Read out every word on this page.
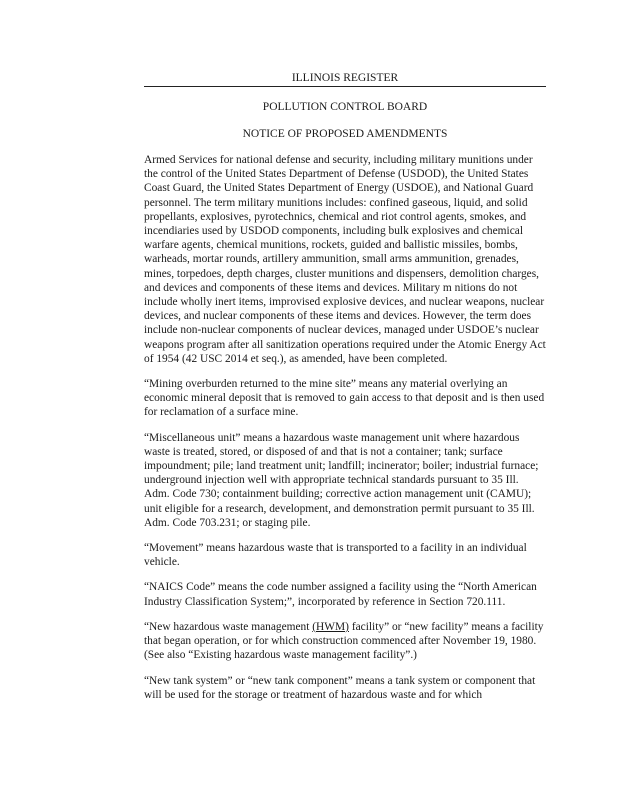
ILLINOIS REGISTER
POLLUTION CONTROL BOARD
NOTICE OF PROPOSED AMENDMENTS

Armed Services for national defense and security, including military munitions under the control of the United States Department of Defense (USDOD), the United States Coast Guard, the United States Department of Energy (USDOE), and National Guard personnel. The term military munitions includes: confined gaseous, liquid, and solid propellants, explosives, pyrotechnics, chemical and riot control agents, smokes, and incendiaries used by USDOD components, including bulk explosives and chemical warfare agents, chemical munitions, rockets, guided and ballistic missiles, bombs, warheads, mortar rounds, artillery ammunition, small arms ammunition, grenades, mines, torpedoes, depth charges, cluster munitions and dispensers, demolition charges, and devices and components of these items and devices. Military m nitions do not include wholly inert items, improvised explosive devices, and nuclear weapons, nuclear devices, and nuclear components of these items and devices. However, the term does include non-nuclear components of nuclear devices, managed under USDOE’s nuclear weapons program after all sanitization operations required under the Atomic Energy Act of 1954 (42 USC 2014 et seq.), as amended, have been completed.

“Mining overburden returned to the mine site” means any material overlying an economic mineral deposit that is removed to gain access to that deposit and is then used for reclamation of a surface mine.

“Miscellaneous unit” means a hazardous waste management unit where hazardous waste is treated, stored, or disposed of and that is not a container; tank; surface impoundment; pile; land treatment unit; landfill; incinerator; boiler; industrial furnace; underground injection well with appropriate technical standards pursuant to 35 Ill. Adm. Code 730; containment building; corrective action management unit (CAMU); unit eligible for a research, development, and demonstration permit pursuant to 35 Ill. Adm. Code 703.231; or staging pile.

“Movement” means hazardous waste that is transported to a facility in an individual vehicle.

“NAICS Code” means the code number assigned a facility using the “North American Industry Classification System;”, incorporated by reference in Section 720.111.

“New hazardous waste management (HWM) facility” or “new facility” means a facility that began operation, or for which construction commenced after November 19, 1980. (See also “Existing hazardous waste management facility”.)

“New tank system” or “new tank component” means a tank system or component that will be used for the storage or treatment of hazardous waste and for which
